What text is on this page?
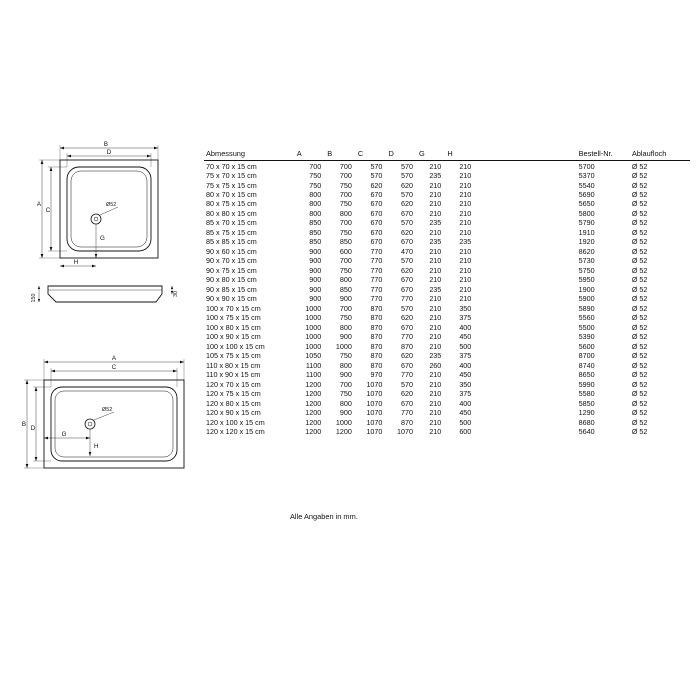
B
D
A
C
Ø52
G
H
150	30
A
C
B
D
Ø52
G
H
Abmessung	A	B	C	D	G	H		Bestell-Nr.	Ablaufloch
70 x 70 x 15 cm	700	700	570	570	210	210		5700	Ø 52
75 x 70 x 15 cm	750	700	570	570	235	210		5370	Ø 52
75 x 75 x 15 cm	750	750	620	620	210	210		5540	Ø 52
80 x 70 x 15 cm	800	700	670	570	210	210		5690	Ø 52
80 x 75 x 15 cm	800	750	670	620	210	210		5650	Ø 52
80 x 80 x 15 cm	800	800	670	670	210	210		5800	Ø 52
85 x 70 x 15 cm	850	700	670	570	235	210		5790	Ø 52
85 x 75 x 15 cm	850	750	670	620	210	210		1910	Ø 52
85 x 85 x 15 cm	850	850	670	670	235	235		1920	Ø 52
90 x 60 x 15 cm	900	600	770	470	210	210		8620	Ø 52
90 x 70 x 15 cm	900	700	770	570	210	210		5730	Ø 52
90 x 75 x 15 cm	900	750	770	620	210	210		5750	Ø 52
90 x 80 x 15 cm	900	800	770	670	210	210		5950	Ø 52
90 x 85 x 15 cm	900	850	770	670	235	210		1900	Ø 52
90 x 90 x 15 cm	900	900	770	770	210	210		5900	Ø 52
100 x 70 x 15 cm	1000	700	870	570	210	350		5890	Ø 52
100 x 75 x 15 cm	1000	750	870	620	210	375		5560	Ø 52
100 x 80 x 15 cm	1000	800	870	670	210	400		5500	Ø 52
100 x 90 x 15 cm	1000	900	870	770	210	450		5390	Ø 52
100 x 100 x 15 cm	1000	1000	870	870	210	500		5600	Ø 52
105 x 75 x 15 cm	1050	750	870	620	235	375		8700	Ø 52
110 x 80 x 15 cm	1100	800	870	670	260	400		8740	Ø 52
110 x 90 x 15 cm	1100	900	970	770	210	450		8650	Ø 52
120 x 70 x 15 cm	1200	700	1070	570	210	350		5990	Ø 52
120 x 75 x 15 cm	1200	750	1070	620	210	375		5580	Ø 52
120 x 80 x 15 cm	1200	800	1070	670	210	400		5850	Ø 52
120 x 90 x 15 cm	1200	900	1070	770	210	450		1290	Ø 52
120 x 100 x 15 cm	1200	1000	1070	870	210	500		8680	Ø 52
120 x 120 x 15 cm	1200	1200	1070	1070	210	600		5640	Ø 52
Alle Angaben in mm.
